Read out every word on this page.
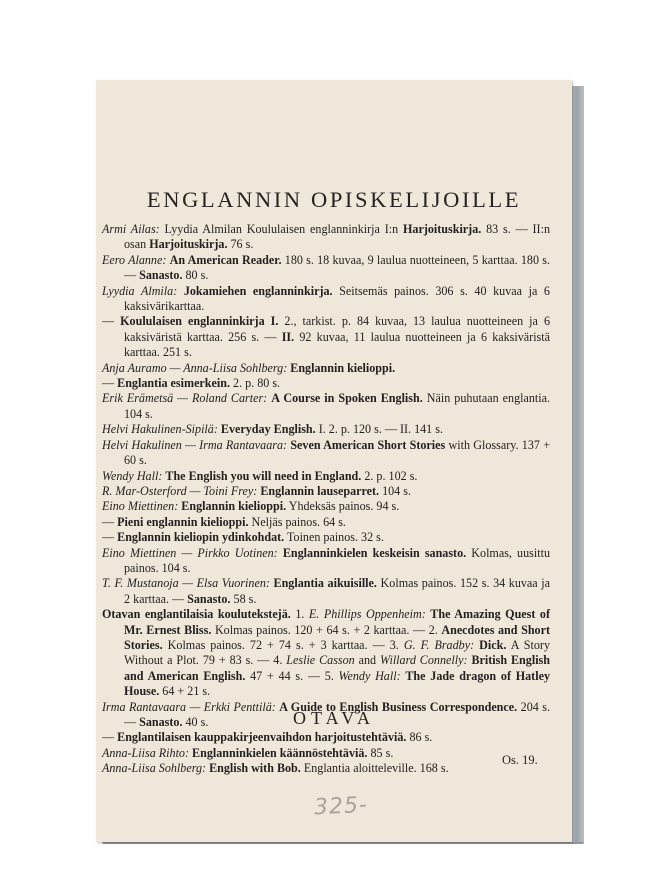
ENGLANNIN OPISKELIJOILLE

Armi Ailas: Lyydia Almilan Koululaisen englanninkirja I:n Harjoituskirja. 83 s. — II:n osan Harjoituskirja. 76 s.

Eero Alanne: An American Reader. 180 s. 18 kuvaa, 9 laulua nuotteineen, 5 karttaa. 180 s. — Sanasto. 80 s.

Lyydia Almila: Jokamiehen englanninkirja. Seitsemäs painos. 306 s. 40 kuvaa ja 6 kaksivärikarttaa.

— Koululaisen englanninkirja I. 2., tarkist. p. 84 kuvaa, 13 laulua nuotteineen ja 6 kaksiväristä karttaa. 256 s. — II. 92 kuvaa, 11 laulua nuotteineen ja 6 kaksiväristä karttaa. 251 s.

Anja Auramo — Anna-Liisa Sohlberg: Englannin kielioppi.

— Englantia esimerkein. 2. p. 80 s.

Erik Erämetsä — Roland Carter: A Course in Spoken English. Näin puhutaan englantia. 104 s.

Helvi Hakulinen-Sipilä: Everyday English. I. 2. p. 120 s. — II. 141 s.

Helvi Hakulinen — Irma Rantavaara: Seven American Short Stories with Glossary. 137 + 60 s.

Wendy Hall: The English you will need in England. 2. p. 102 s.

R. Mar-Osterford — Toini Frey: Englannin lauseparret. 104 s.

Eino Miettinen: Englannin kielioppi. Yhdeksäs painos. 94 s.

— Pieni englannin kielioppi. Neljäs painos. 64 s.

— Englannin kieliopin ydinkohdat. Toinen painos. 32 s.

Eino Miettinen — Pirkko Uotinen: Englanninkielen keskeisin sanasto. Kolmas, uusittu painos. 104 s.

T. F. Mustanoja — Elsa Vuorinen: Englantia aikuisille. Kolmas painos. 152 s. 34 kuvaa ja 2 karttaa. — Sanasto. 58 s.

Otavan englantilaisia koulutekstejä. 1. E. Phillips Oppenheim: The Amazing Quest of Mr. Ernest Bliss. Kolmas painos. 120 + 64 s. + 2 karttaa. — 2. Anecdotes and Short Stories. Kolmas painos. 72 + 74 s. + 3 karttaa. — 3. G. F. Bradby: Dick. A Story Without a Plot. 79 + 83 s. — 4. Leslie Casson and Willard Connelly: British English and American English. 47 + 44 s. — 5. Wendy Hall: The Jade dragon of Hatley House. 64 + 21 s.

Irma Rantavaara — Erkki Penttilä: A Guide to English Business Correspondence. 204 s. — Sanasto. 40 s.

— Englantilaisen kauppakirjeenvaihdon harjoitustehtäviä. 86 s.

Anna-Liisa Rihto: Englanninkielen käännöstehtäviä. 85 s.

Anna-Liisa Sohlberg: English with Bob. Englantia aloitteleville. 168 s.

OTAVA
Os. 19.
325-
